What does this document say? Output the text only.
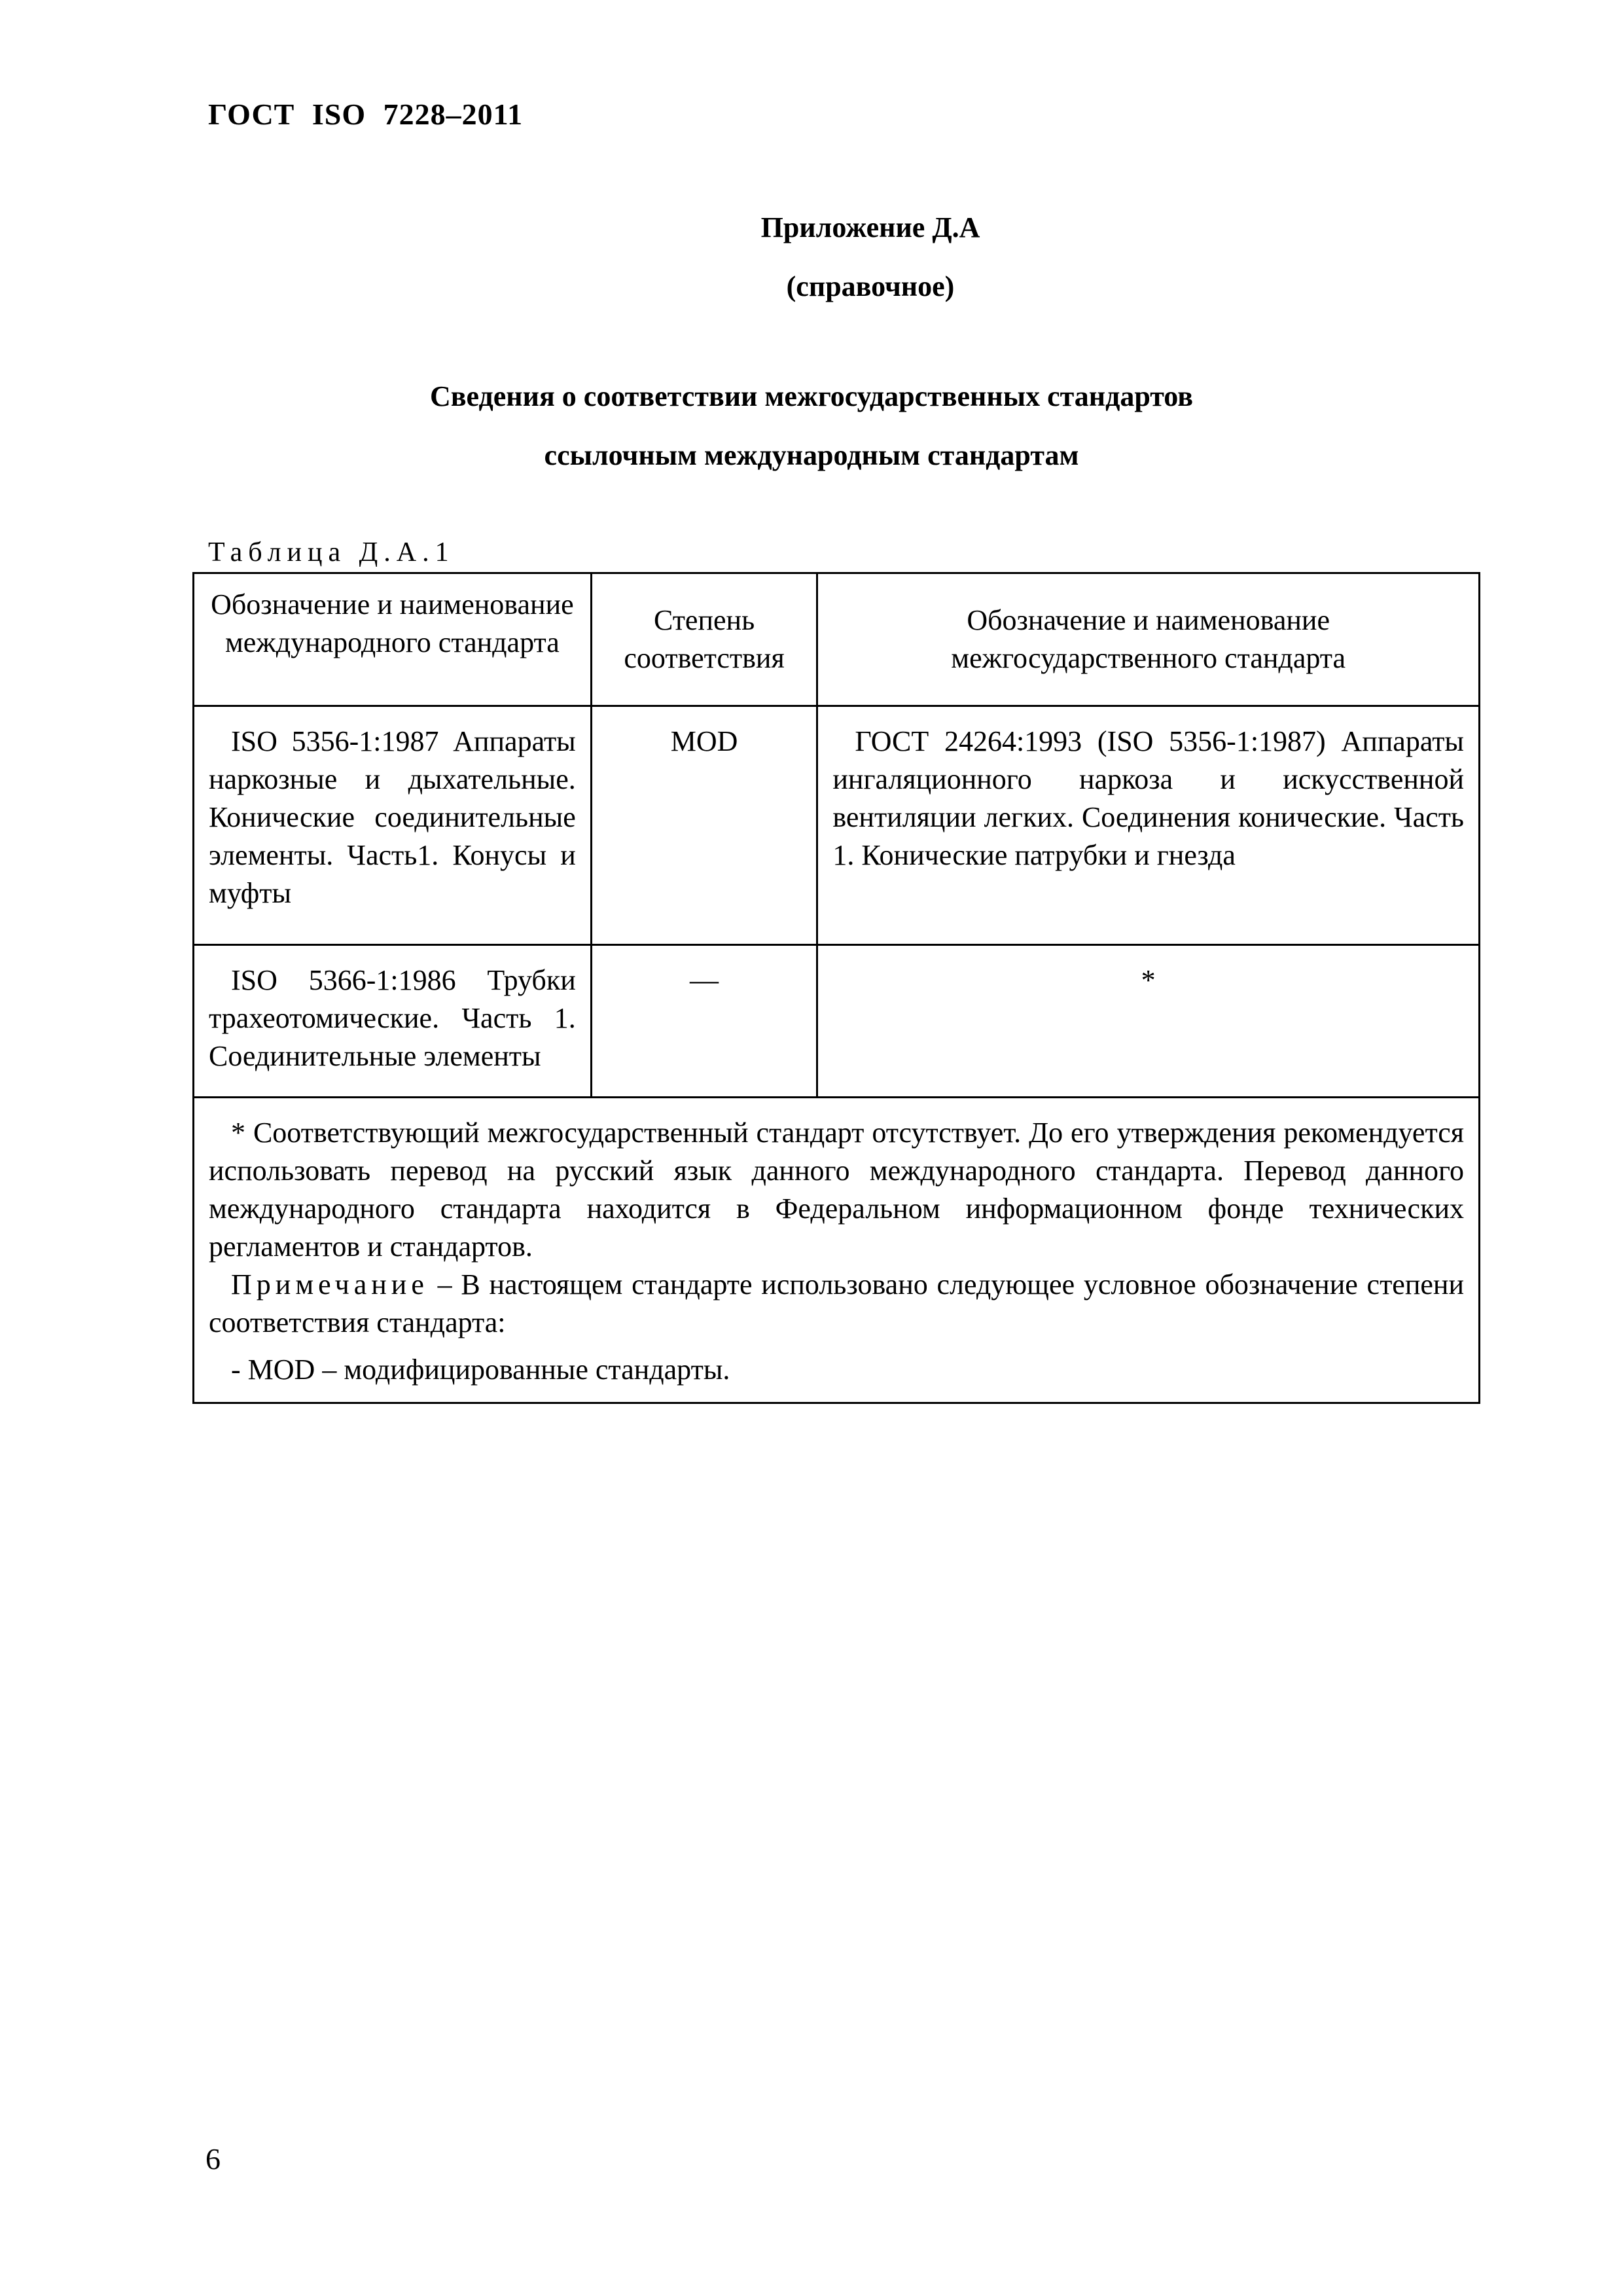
ГОСТ ISO 7228–2011
Приложение Д.А
(справочное)
Сведения о соответствии межгосударственных стандартов
ссылочным международным стандартам
Таблица Д.А.1
Обозначение и наименование международного стандарта	Степень соответствия	Обозначение и наименование межгосударственного стандарта
ISO 5356-1:1987 Аппараты наркозные и дыхательные. Конические соединительные элементы. Часть1. Конусы и муфты	MOD	ГОСТ 24264:1993 (ISO 5356-1:1987) Аппараты ингаляционного наркоза и искусственной вентиляции легких. Соединения конические. Часть 1. Конические патрубки и гнезда
ISO 5366-1:1986 Трубки трахеотомические. Часть 1. Соединительные элементы	—	*

* Соответствующий межгосударственный стандарт отсутствует. До его утверждения рекомендуется использовать перевод на русский язык данного международного стандарта. Перевод данного международного стандарта находится в Федеральном информационном фонде технических регламентов и стандартов.

Примечание – В настоящем стандарте использовано следующее условное обозначение степени соответствия стандарта:

- MOD – модифицированные стандарты.		

6
